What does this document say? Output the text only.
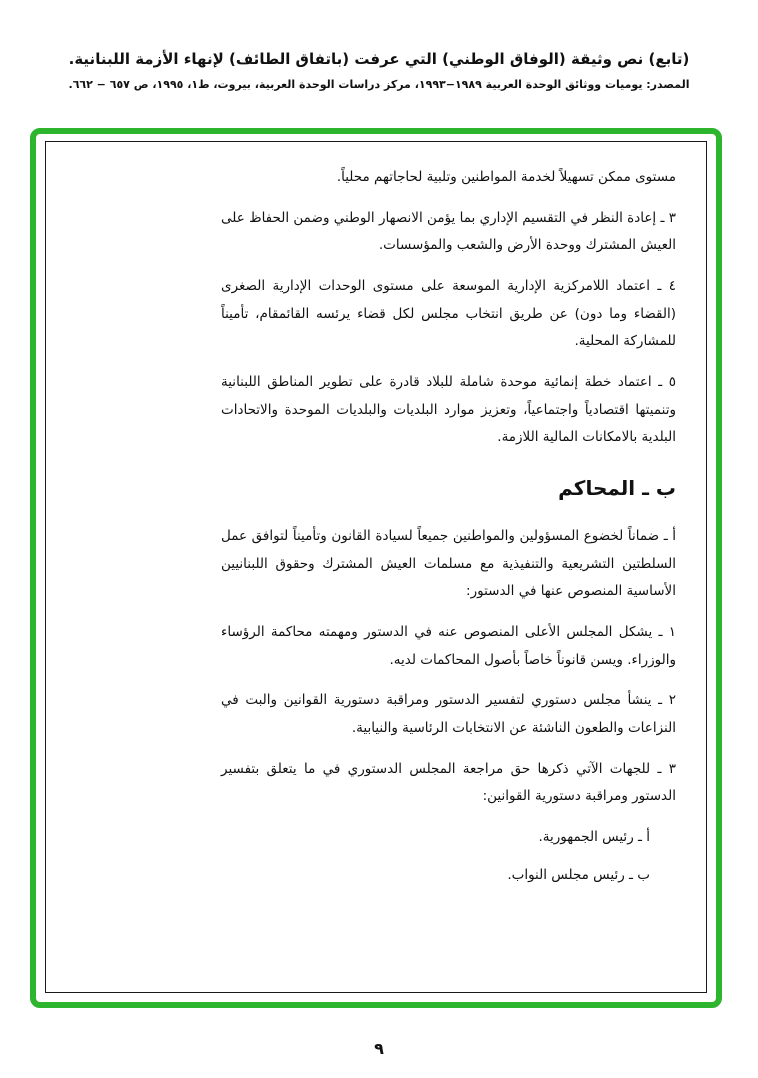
(تابع) نص وثيقة (الوفاق الوطني) التي عرفت (باتفاق الطائف) لإنهاء الأزمة اللبنانية.
المصدر: يوميات ووثائق الوحدة العربية ١٩٨٩−١٩٩٣، مركز دراسات الوحدة العربية، بيروت، ط١، ١٩٩٥، ص ٦٥٧ − ٦٦٢.

مستوى ممكن تسهيلاً لخدمة المواطنين وتلبية لحاجاتهم محلياً.

٣ ـ إعادة النظر في التقسيم الإداري بما يؤمن الانصهار الوطني وضمن الحفاظ على العيش المشترك ووحدة الأرض والشعب والمؤسسات.

٤ ـ اعتماد اللامركزية الإدارية الموسعة على مستوى الوحدات الإدارية الصغرى (القضاء وما دون) عن طريق انتخاب مجلس لكل قضاء يرئسه القائمقام، تأميناً للمشاركة المحلية.

٥ ـ اعتماد خطة إنمائية موحدة شاملة للبلاد قادرة على تطوير المناطق اللبنانية وتنميتها اقتصادياً واجتماعياً، وتعزيز موارد البلديات والبلديات الموحدة والاتحادات البلدية بالامكانات المالية اللازمة.

ب ـ المحاكم

أ ـ ضماناً لخضوع المسؤولين والمواطنين جميعاً لسيادة القانون وتأميناً لتوافق عمل السلطتين التشريعية والتنفيذية مع مسلمات العيش المشترك وحقوق اللبنانيين الأساسية المنصوص عنها في الدستور:

١ ـ يشكل المجلس الأعلى المنصوص عنه في الدستور ومهمته محاكمة الرؤساء والوزراء. ويسن قانوناً خاصاً بأصول المحاكمات لديه.

٢ ـ ينشأ مجلس دستوري لتفسير الدستور ومراقبة دستورية القوانين والبت في النزاعات والطعون الناشئة عن الانتخابات الرئاسية والنيابية.

٣ ـ للجهات الآتي ذكرها حق مراجعة المجلس الدستوري في ما يتعلق بتفسير الدستور ومراقبة دستورية القوانين:

أ ـ رئيس الجمهورية.

ب ـ رئيس مجلس النواب.

٩
